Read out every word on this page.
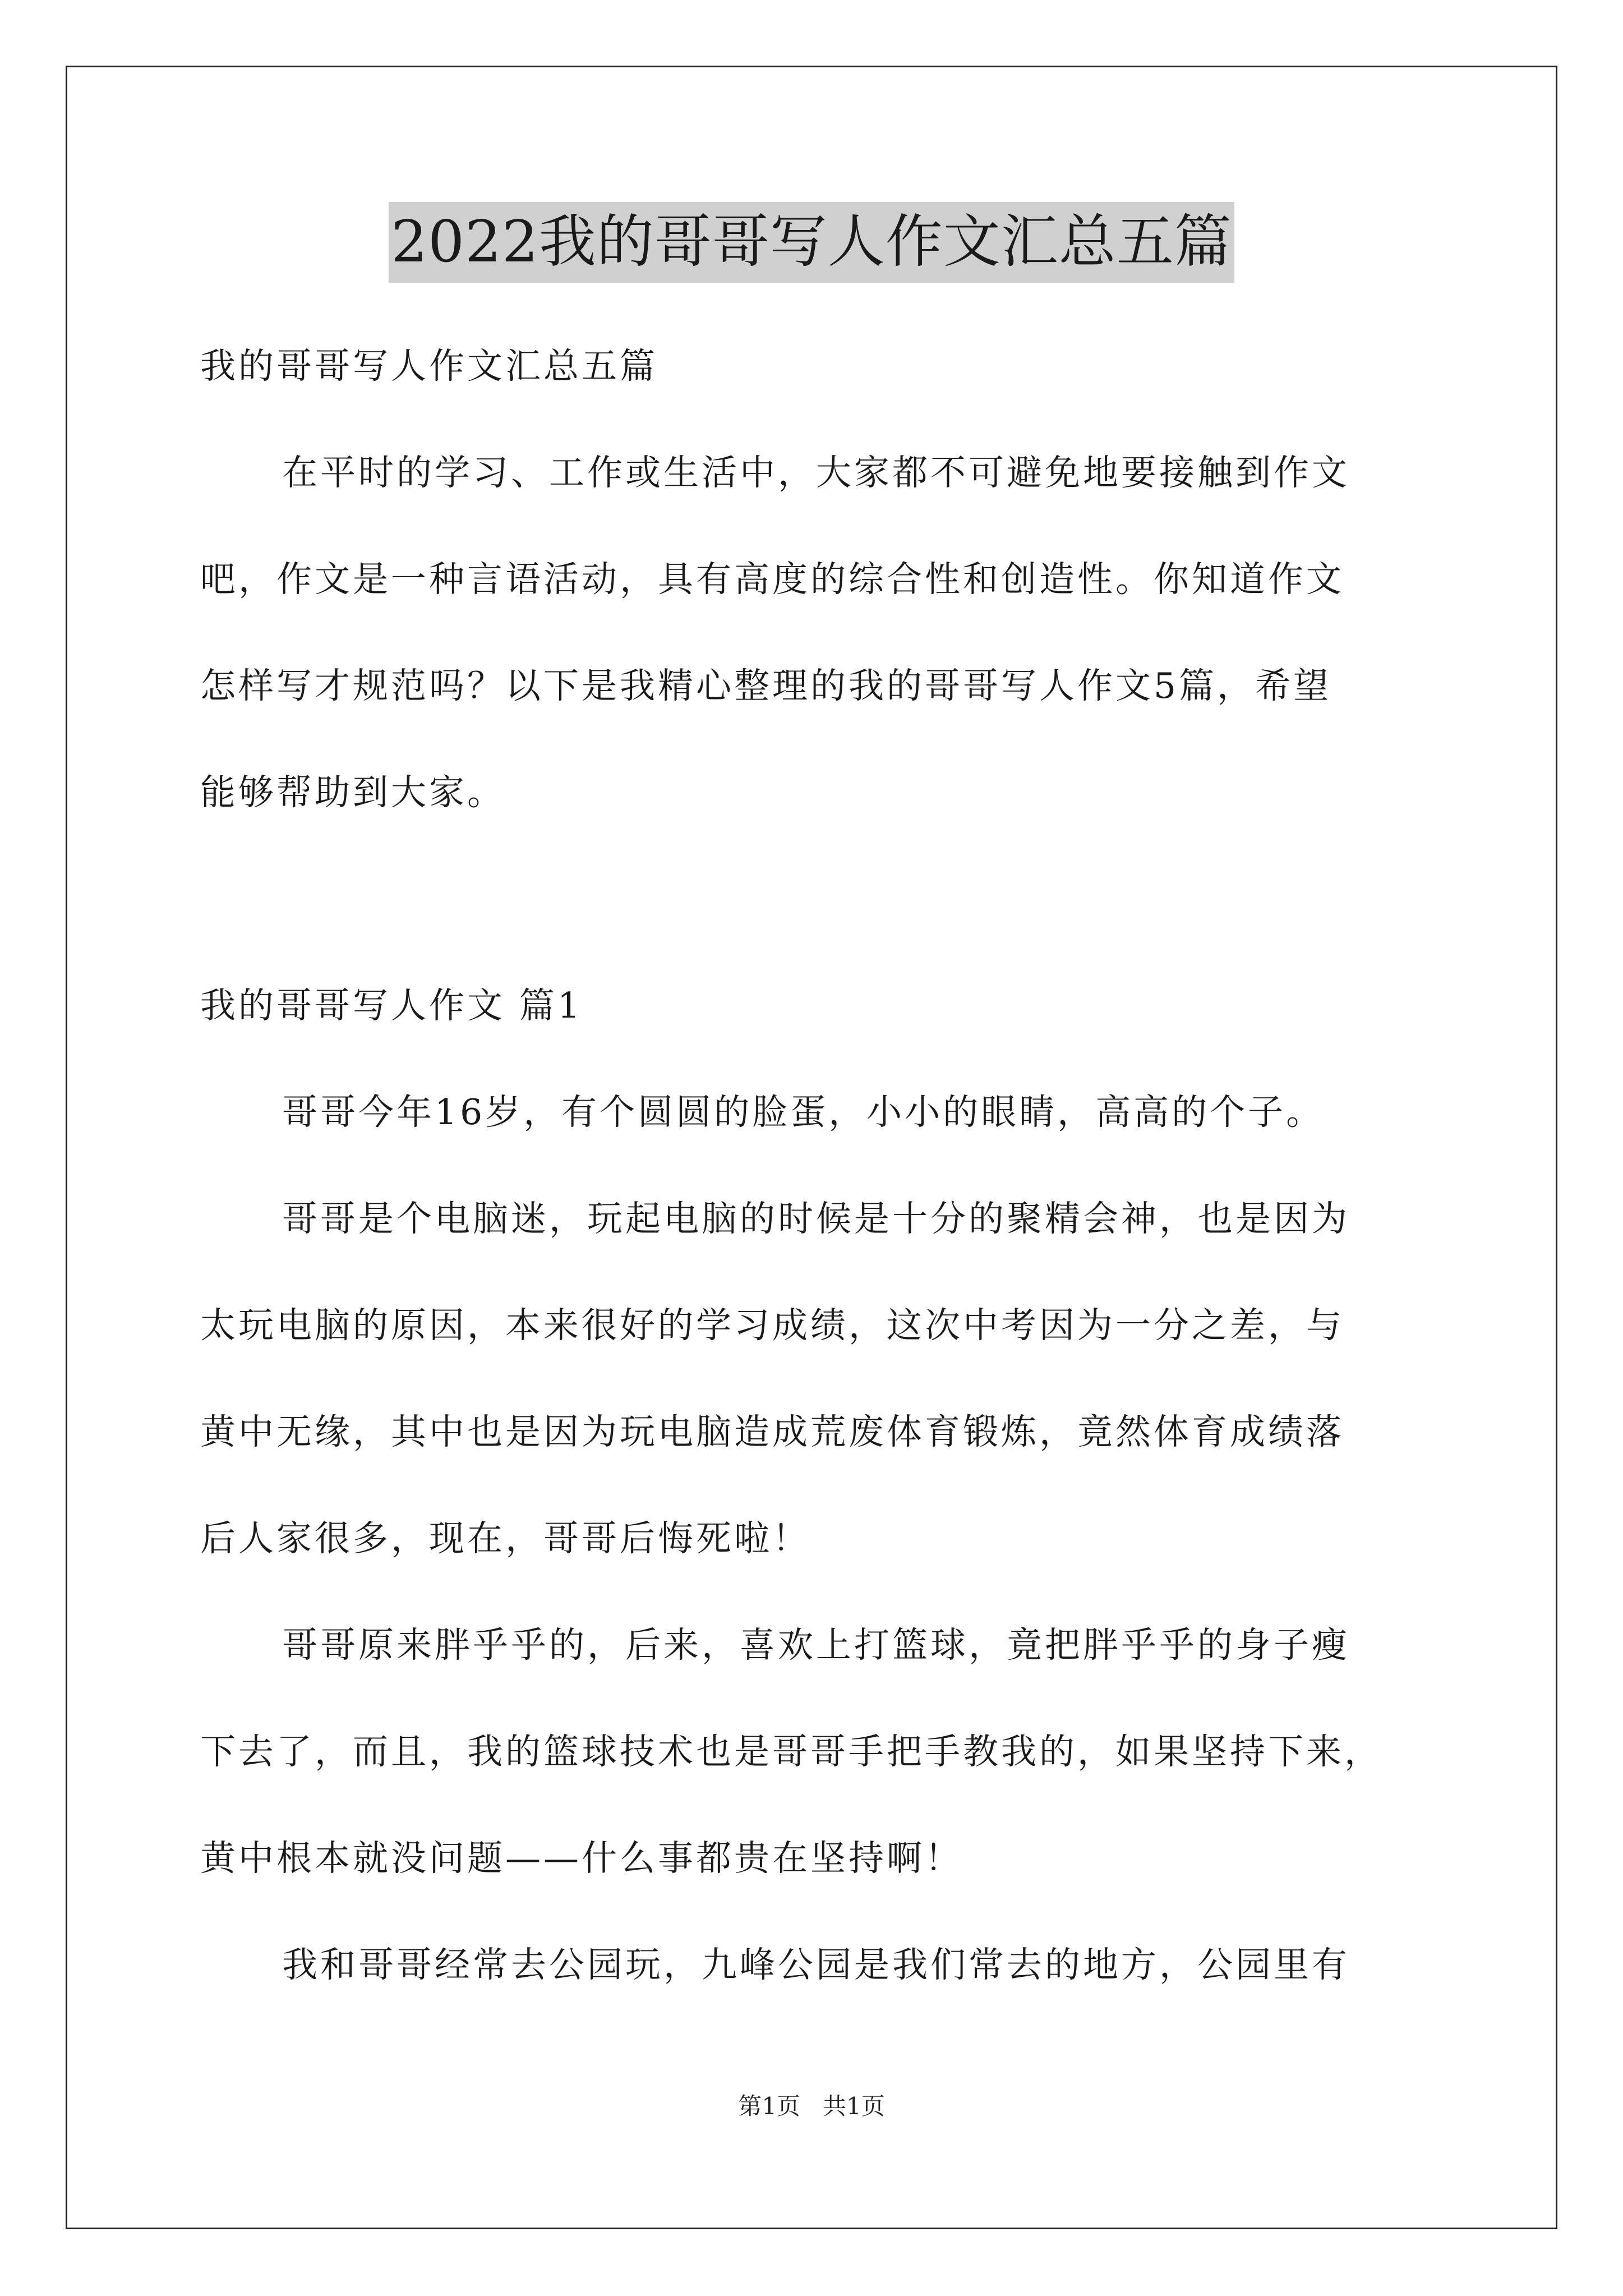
2022我的哥哥写人作文汇总五篇
我的哥哥写人作文汇总五篇
在平时的学习、工作或生活中，大家都不可避免地要接触到作文
吧，作文是一种言语活动，具有高度的综合性和创造性。你知道作文
怎样写才规范吗？以下是我精心整理的我的哥哥写人作文5篇，希望
能够帮助到大家。
我的哥哥写人作文 篇1
哥哥今年16岁，有个圆圆的脸蛋，小小的眼睛，高高的个子。
哥哥是个电脑迷，玩起电脑的时候是十分的聚精会神，也是因为
太玩电脑的原因，本来很好的学习成绩，这次中考因为一分之差，与
黄中无缘，其中也是因为玩电脑造成荒废体育锻炼，竟然体育成绩落
后人家很多，现在，哥哥后悔死啦！
哥哥原来胖乎乎的，后来，喜欢上打篮球，竟把胖乎乎的身子瘦
下去了，而且，我的篮球技术也是哥哥手把手教我的，如果坚持下来，
黄中根本就没问题——什么事都贵在坚持啊！
我和哥哥经常去公园玩，九峰公园是我们常去的地方，公园里有
第1页   共1页
